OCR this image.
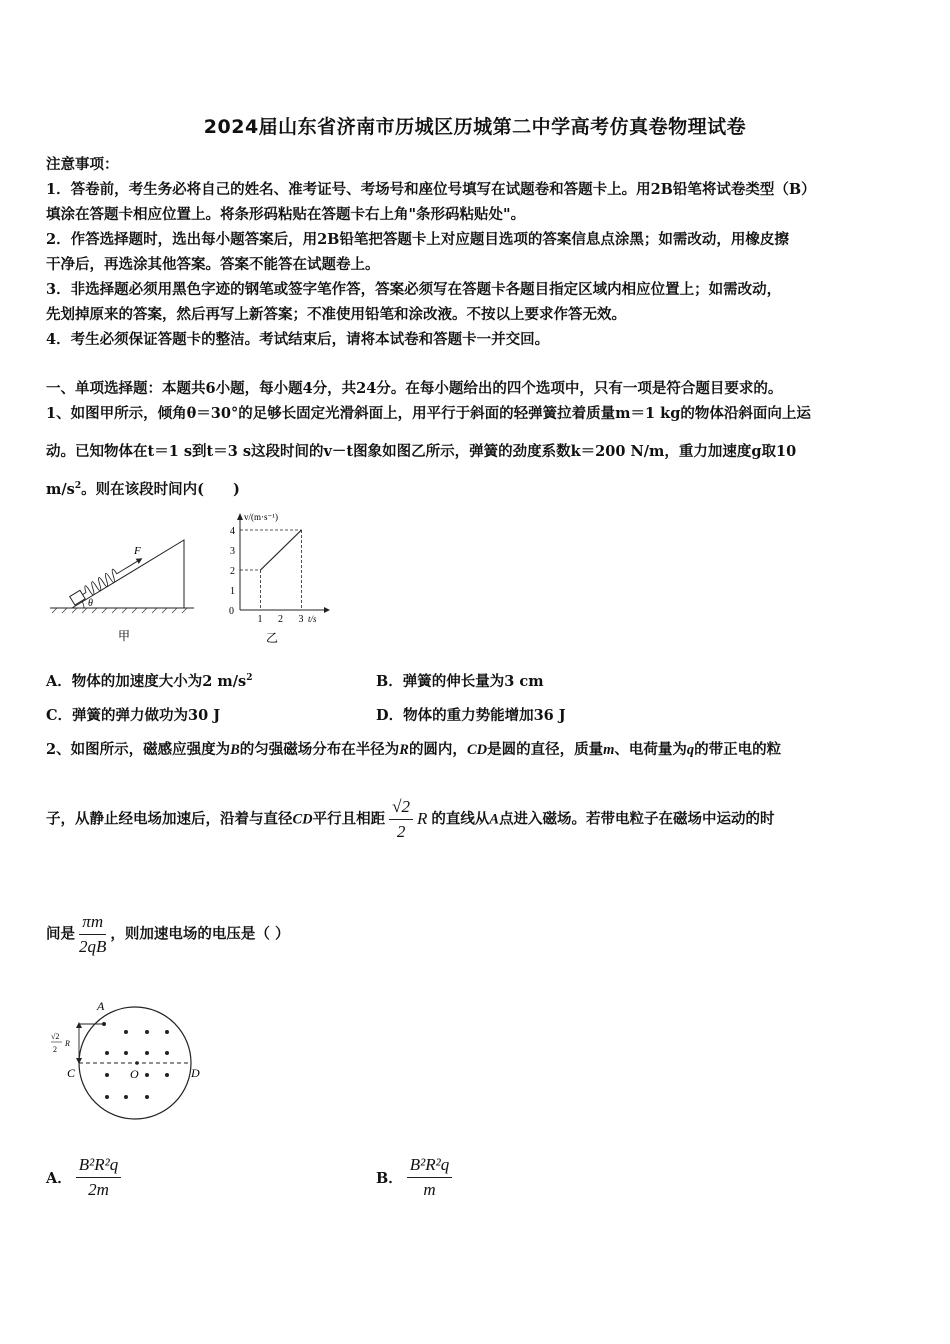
2024届山东省济南市历城区历城第二中学高考仿真卷物理试卷
注意事项：
1．答卷前，考生务必将自己的姓名、准考证号、考场号和座位号填写在试题卷和答题卡上。用2B铅笔将试卷类型（B）
填涂在答题卡相应位置上。将条形码粘贴在答题卡右上角"条形码粘贴处"。
2．作答选择题时，选出每小题答案后，用2B铅笔把答题卡上对应题目选项的答案信息点涂黑；如需改动，用橡皮擦
干净后，再选涂其他答案。答案不能答在试题卷上。
3．非选择题必须用黑色字迹的钢笔或签字笔作答，答案必须写在答题卡各题目指定区域内相应位置上；如需改动，
先划掉原来的答案，然后再写上新答案；不准使用铅笔和涂改液。不按以上要求作答无效。
4．考生必须保证答题卡的整洁。考试结束后，请将本试卷和答题卡一并交回。
一、单项选择题：本题共6小题，每小题4分，共24分。在每小题给出的四个选项中，只有一项是符合题目要求的。
1、如图甲所示，倾角θ＝30°的足够长固定光滑斜面上，用平行于斜面的轻弹簧拉着质量m＝1 kg的物体沿斜面向上运
动。已知物体在t＝1 s到t＝3 s这段时间的v－t图象如图乙所示，弹簧的劲度系数k＝200 N/m，重力加速度g取10
$m/s^2$。则在该段时间内(　　)
θ
F
甲
v/(m·s⁻¹)
t/s
0
1
2
3
4
1 2 3
乙
A．物体的加速度大小为2 $m/s^2$	B．弹簧的伸长量为3 cm
C．弹簧的弹力做功为30 J	D．物体的重力势能增加36 J
2、如图所示，磁感应强度为B的匀强磁场分布在半径为R的圆内，CD是圆的直径，质量m、电荷量为q的带正电的粒
子，从静止经电场加速后，沿着与直径CD平行且相距 $\frac{√2}{2}$ R 的直线从A点进入磁场。若带电粒子在磁场中运动的时
间是 $\frac{\pi m}{2qB}$ ，则加速电场的电压是（ ）
A
C	O	D
√2
2
R
A． $\frac{\text{B²R²q}}{2m}$	B． $\frac{\text{B²R²q}}{m}$
